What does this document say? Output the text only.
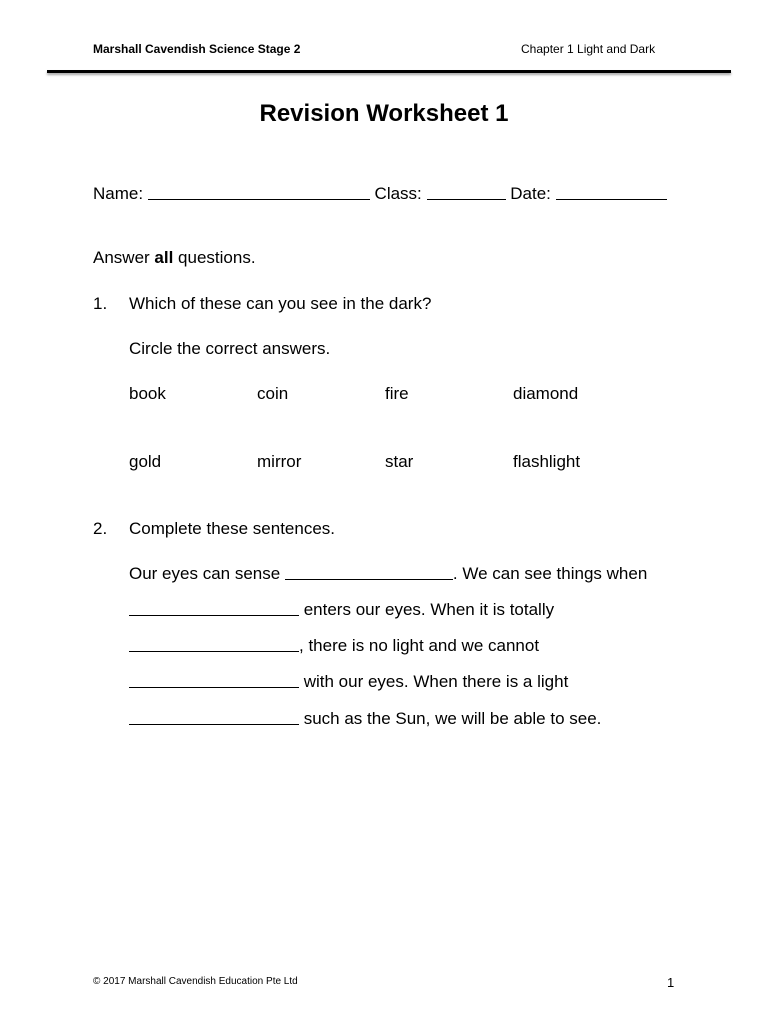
Marshall Cavendish Science Stage 2	Chapter 1 Light and Dark
Revision Worksheet 1
Name:	Class:	Date:
Answer all questions.
1. Which of these can you see in the dark?
Circle the correct answers.
book	coin	fire	diamond
gold	mirror	star	flashlight
2. Complete these sentences.
Our eyes can sense	. We can see things when
enters our eyes. When it is totally
, there is no light and we cannot
with our eyes. When there is a light
such as the Sun, we will be able to see.
© 2017 Marshall Cavendish Education Pte Ltd	1
